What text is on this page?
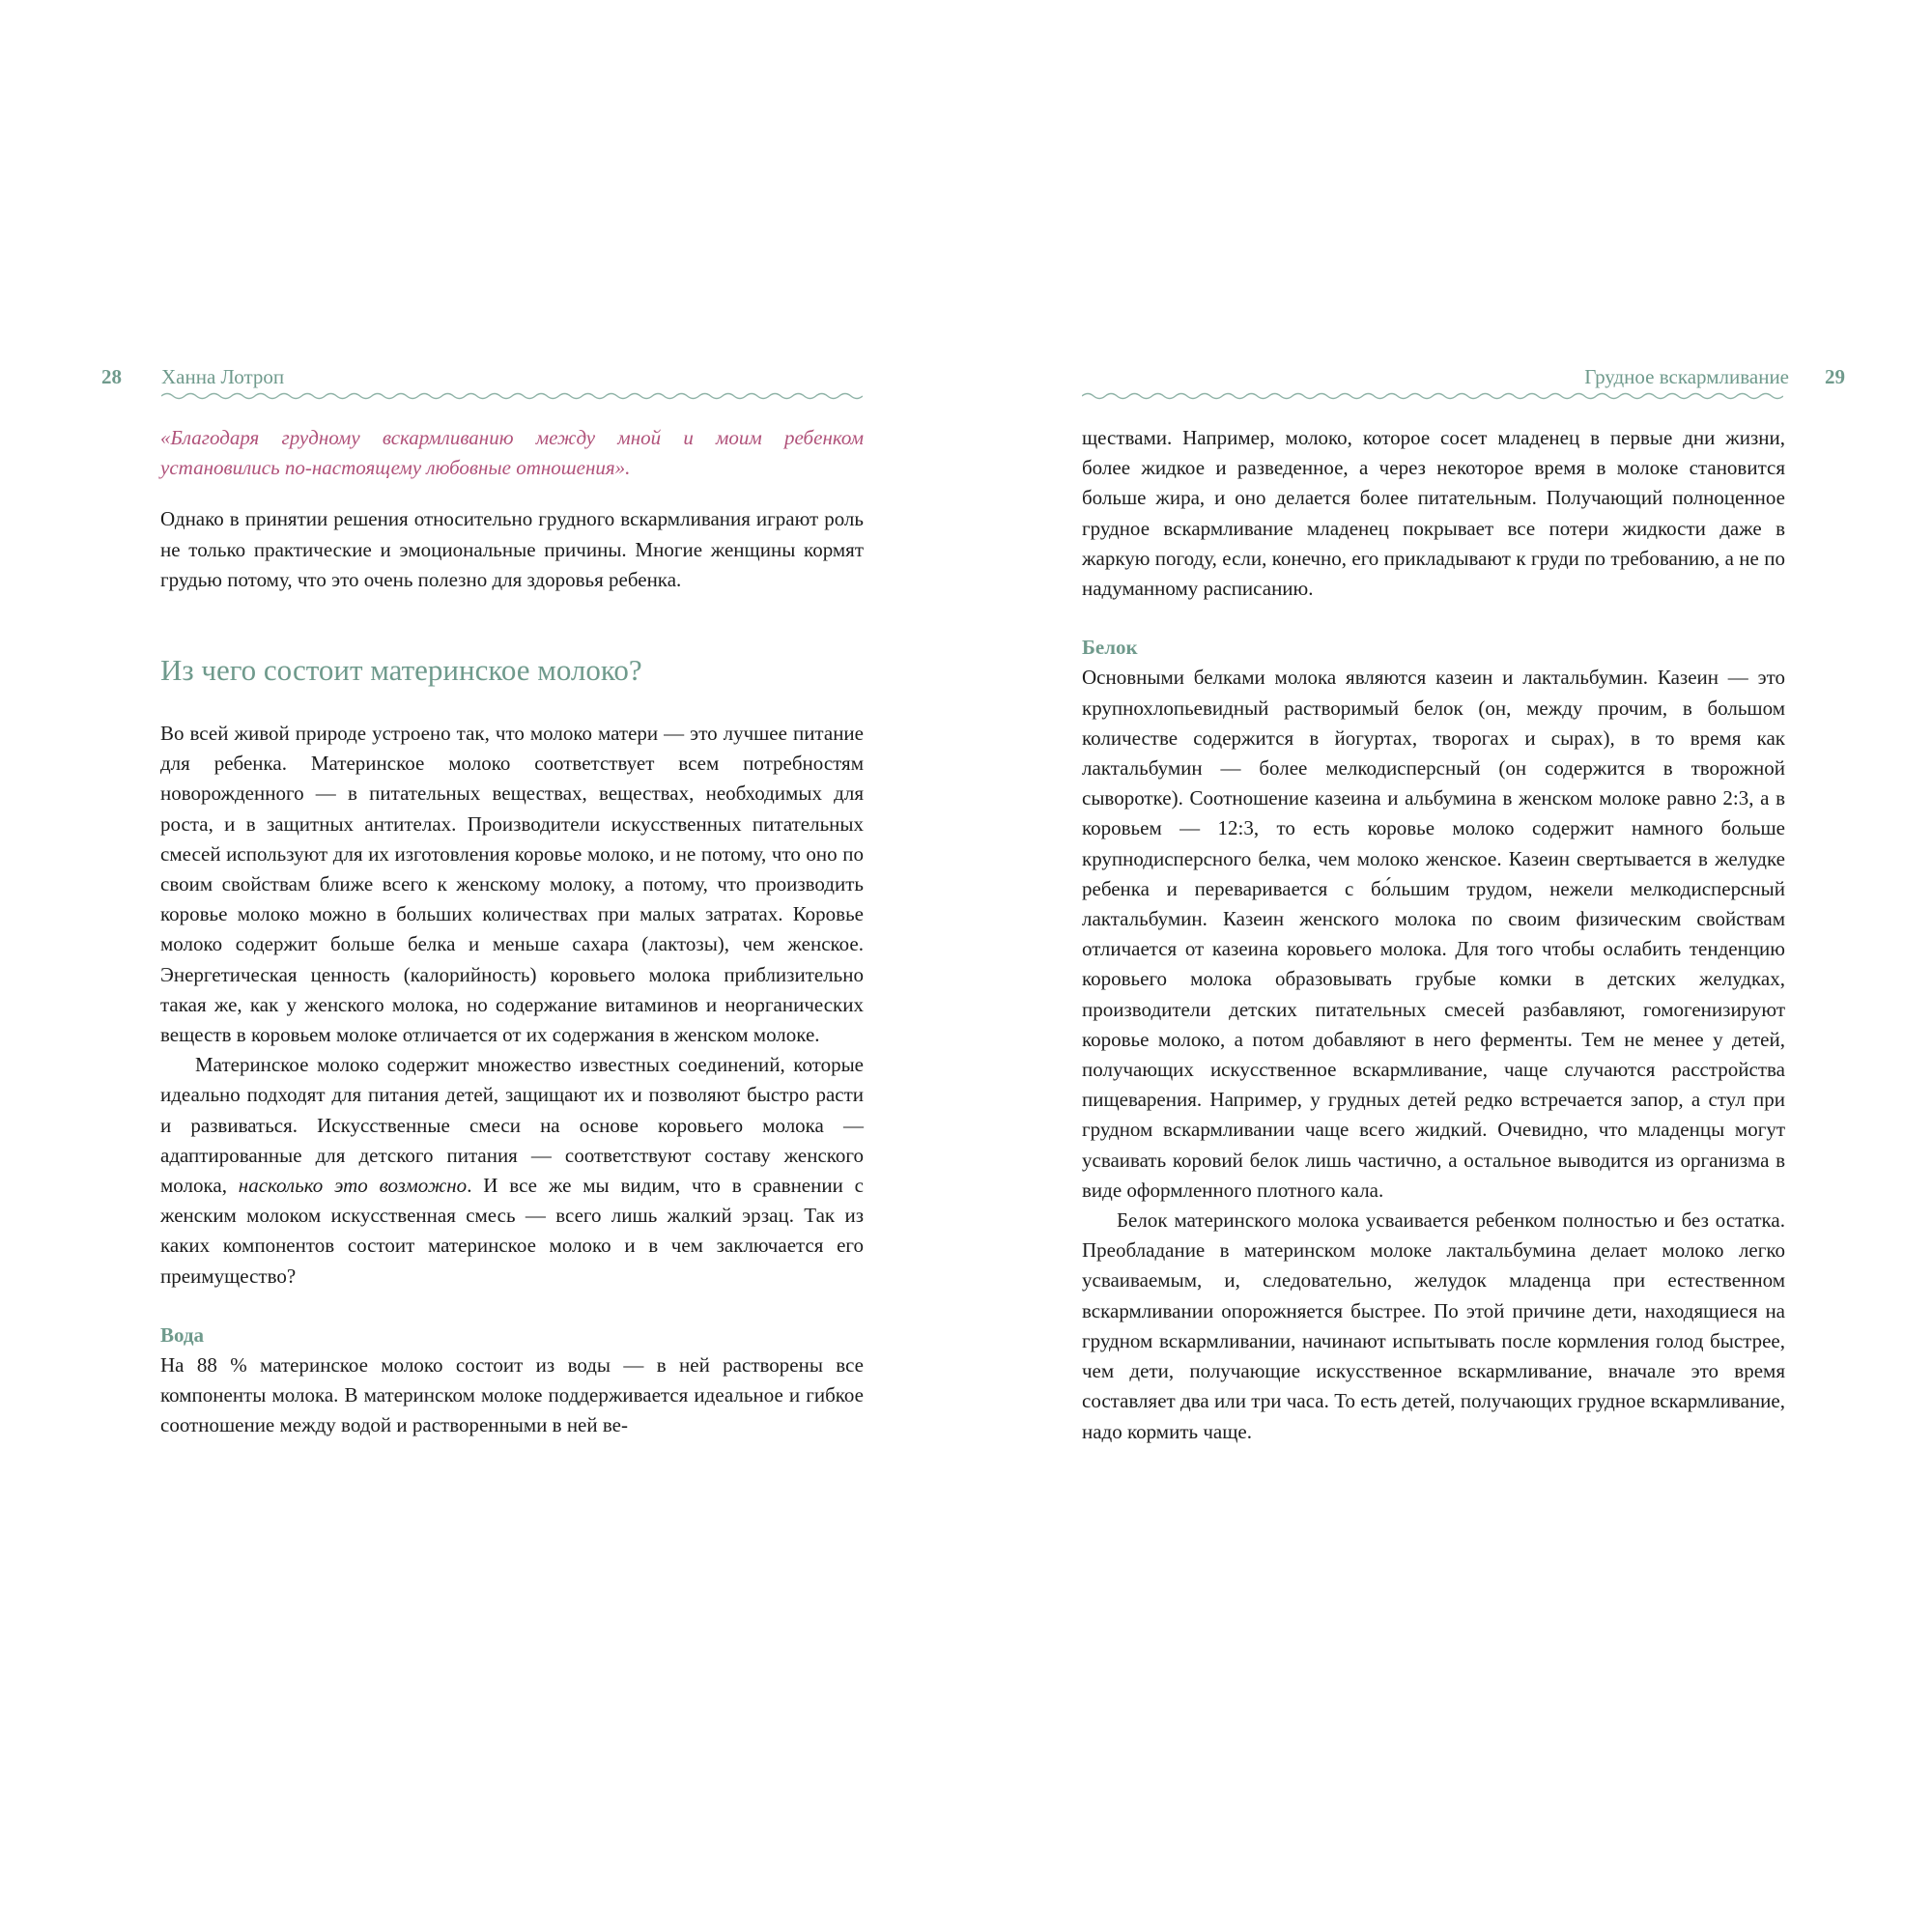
28 Ханна Лотроп
«Благодаря грудному вскармливанию между мной и моим ребенком установились по-настоящему любовные отношения».

Однако в принятии решения относительно грудного вскармливания играют роль не только практические и эмоциональные причины. Многие женщины кормят грудью потому, что это очень полезно для здоровья ребенка.

Из чего состоит материнское молоко?

Во всей живой природе устроено так, что молоко матери — это лучшее питание для ребенка. Материнское молоко соответствует всем потребностям новорожденного — в питательных веществах, веществах, необходимых для роста, и в защитных антителах. Производители искусственных питательных смесей используют для их изготовления коровье молоко, и не потому, что оно по своим свойствам ближе всего к женскому молоку, а потому, что производить коровье молоко можно в больших количествах при малых затратах. Коровье молоко содержит больше белка и меньше сахара (лактозы), чем женское. Энергетическая ценность (калорийность) коровьего молока приблизительно такая же, как у женского молока, но содержание витаминов и неорганических веществ в коровьем молоке отличается от их содержания в женском молоке.

Материнское молоко содержит множество известных соединений, которые идеально подходят для питания детей, защищают их и позволяют быстро расти и развиваться. Искусственные смеси на основе коровьего молока — адаптированные для детского питания — соответствуют составу женского молока, насколько это возможно. И все же мы видим, что в сравнении с женским молоком искусственная смесь — всего лишь жалкий эрзац. Так из каких компонентов состоит материнское молоко и в чем заключается его преимущество?

Вода

На 88 % материнское молоко состоит из воды — в ней растворены все компоненты молока. В материнском молоке поддерживается идеальное и гибкое соотношение между водой и растворенными в ней ве-

Грудное вскармливание 29

ществами. Например, молоко, которое сосет младенец в первые дни жизни, более жидкое и разведенное, а через некоторое время в молоке становится больше жира, и оно делается более питательным. Получающий полноценное грудное вскармливание младенец покрывает все потери жидкости даже в жаркую погоду, если, конечно, его прикладывают к груди по требованию, а не по надуманному расписанию.

Белок

Основными белками молока являются казеин и лактальбумин. Казеин — это крупнохлопьевидный растворимый белок (он, между прочим, в большом количестве содержится в йогуртах, творогах и сырах), в то время как лактальбумин — более мелкодисперсный (он содержится в творожной сыворотке). Соотношение казеина и альбумина в женском молоке равно 2:3, а в коровьем — 12:3, то есть коровье молоко содержит намного больше крупнодисперсного белка, чем молоко женское. Казеин свертывается в желудке ребенка и переваривается с бо́льшим трудом, нежели мелкодисперсный лактальбумин. Казеин женского молока по своим физическим свойствам отличается от казеина коровьего молока. Для того чтобы ослабить тенденцию коровьего молока образовывать грубые комки в детских желудках, производители детских питательных смесей разбавляют, гомогенизируют коровье молоко, а потом добавляют в него ферменты. Тем не менее у детей, получающих искусственное вскармливание, чаще случаются расстройства пищеварения. Например, у грудных детей редко встречается запор, а стул при грудном вскармливании чаще всего жидкий. Очевидно, что младенцы могут усваивать коровий белок лишь частично, а остальное выводится из организма в виде оформленного плотного кала.

Белок материнского молока усваивается ребенком полностью и без остатка. Преобладание в материнском молоке лактальбумина делает молоко легко усваиваемым, и, следовательно, желудок младенца при естественном вскармливании опорожняется быстрее. По этой причине дети, находящиеся на грудном вскармливании, начинают испытывать после кормления голод быстрее, чем дети, получающие искусственное вскармливание, вначале это время составляет два или три часа. То есть детей, получающих грудное вскармливание, надо кормить чаще.
